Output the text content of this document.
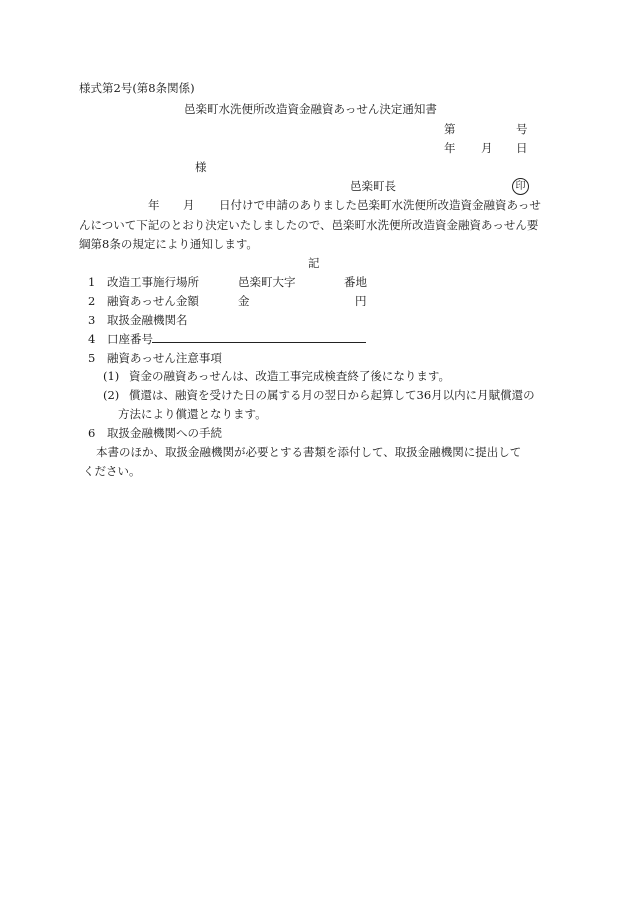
様式第2号(第8条関係)
邑楽町水洗便所改造資金融資あっせん決定通知書
第	号
年 月 日
様
邑楽町長	印
年 月 日付けで申請のありました邑楽町水洗便所改造資金融資あっせ
んについて下記のとおり決定いたしましたので、邑楽町水洗便所改造資金融資あっせん要
綱第8条の規定により通知します。
記
1 改造工事施行場所	邑楽町大字	番地
2 融資あっせん金額	金	円
3 取扱金融機関名
4 口座番号
5 融資あっせん注意事項
(1) 資金の融資あっせんは、改造工事完成検査終了後になります。
(2) 償還は、融資を受けた日の属する月の翌日から起算して36月以内に月賦償還の
方法により償還となります。
6 取扱金融機関への手続
本書のほか、取扱金融機関が必要とする書類を添付して、取扱金融機関に提出して
ください。
